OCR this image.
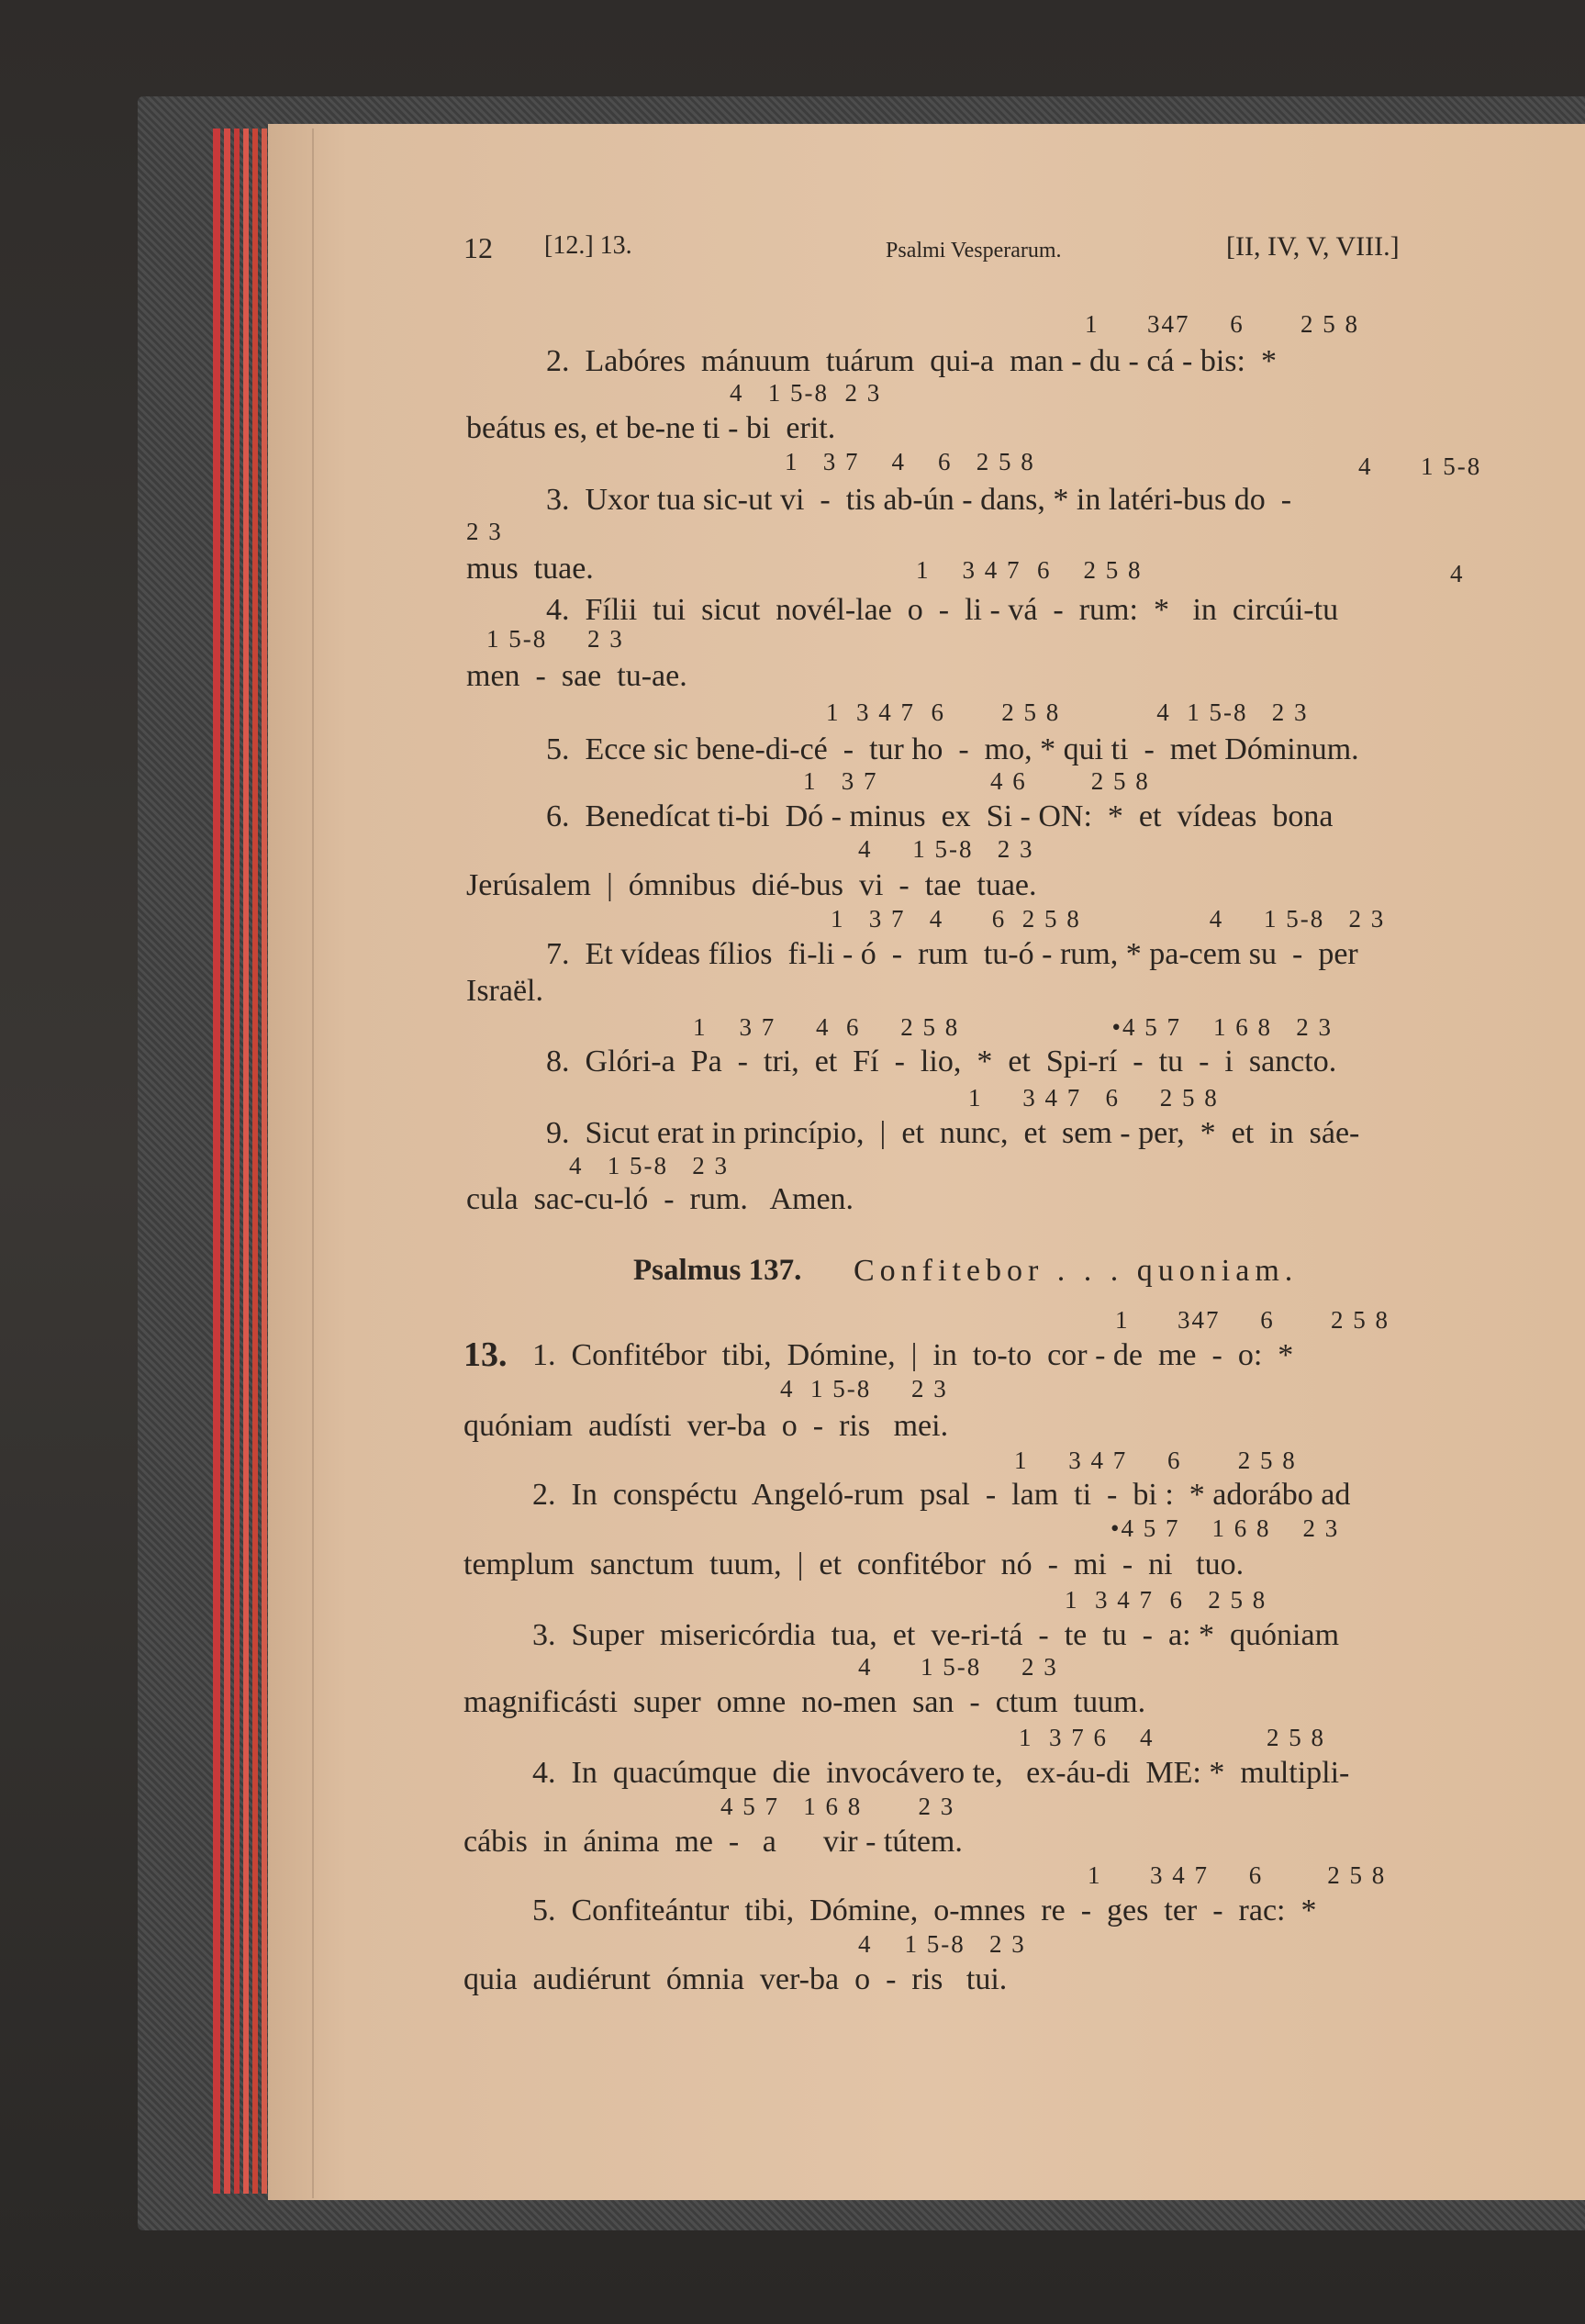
12 [12.] 13.	Psalmi Vesperarum.	[II, IV, V, VIII.]
1      347     6       2 5 8
2.  Labóres  mánuum  tuárum  qui-a  man - du - cá - bis:  *
4   1 5-8  2 3
beátus es, et be-ne ti - bi  erit.
1   3 7    4    6   2 5 8	4      1 5-8
3.  Uxor tua sic-ut vi  -  tis ab-ún - dans, * in latéri-bus do  -
2 3
mus  tuae.	1    3 4 7  6    2 5 8	4
4.  Fílii  tui  sicut  novél-lae  o  -  li - vá  -  rum:  *   in  circúi-tu
1 5-8     2 3
men  -  sae  tu-ae.
1  3 4 7  6       2 5 8            4  1 5-8   2 3
5.  Ecce sic bene-di-cé  -  tur ho  -  mo, * qui ti  -  met Dóminum.
1   3 7              4 6        2 5 8
6.  Benedícat ti-bi  Dó - minus  ex  Si - ON:  *  et  vídeas  bona
4     1 5-8   2 3
Jerúsalem  |  ómnibus  dié-bus  vi  -  tae  tuae.
1   3 7   4      6  2 5 8                4     1 5-8   2 3
7.  Et vídeas fílios  fi-li - ó  -  rum  tu-ó - rum, * pa-cem su  -  per
Israël.
1    3 7     4  6     2 5 8                   •4 5 7    1 6 8   2 3
8.  Glóri-a  Pa  -  tri,  et  Fí  -  lio,  *  et  Spi-rí  -  tu  -  i  sancto.
1     3 4 7   6     2 5 8
9.  Sicut erat in princípio,  |  et  nunc,  et  sem - per,  *  et  in  sáe-
4   1 5-8   2 3
cula  sac-cu-ló  -  rum.   Amen.
Psalmus 137. Confitebor . . . quoniam.
1      347     6       2 5 8
13. 1.  Confitébor  tibi,  Dómine,  |  in  to-to  cor - de  me  -  o:  *
4  1 5-8     2 3
quóniam  audísti  ver-ba  o  -  ris   mei.
1     3 4 7     6       2 5 8
2.  In  conspéctu  Angeló-rum  psal  -  lam  ti  -  bi :  * adorábo ad
•4 5 7    1 6 8    2 3
templum  sanctum  tuum,  |  et  confitébor  nó  -  mi  -  ni   tuo.
1  3 4 7  6   2 5 8
3.  Super  misericórdia  tua,  et  ve-ri-tá  -  te  tu  -  a: *  quóniam
4      1 5-8     2 3
magnificásti  super  omne  no-men  san  -  ctum  tuum.
1  3 7 6    4              2 5 8
4.  In  quacúmque  die  invocávero te,   ex-áu-di  ME: *  multipli-
4 5 7   1 6 8       2 3
cábis  in  ánima  me  -   a      vir - tútem.
1      3 4 7     6        2 5 8
5.  Confiteántur  tibi,  Dómine,  o-mnes  re  -  ges  ter  -  rac:  *
4    1 5-8   2 3
quia  audiérunt  ómnia  ver-ba  o  -  ris   tui.
